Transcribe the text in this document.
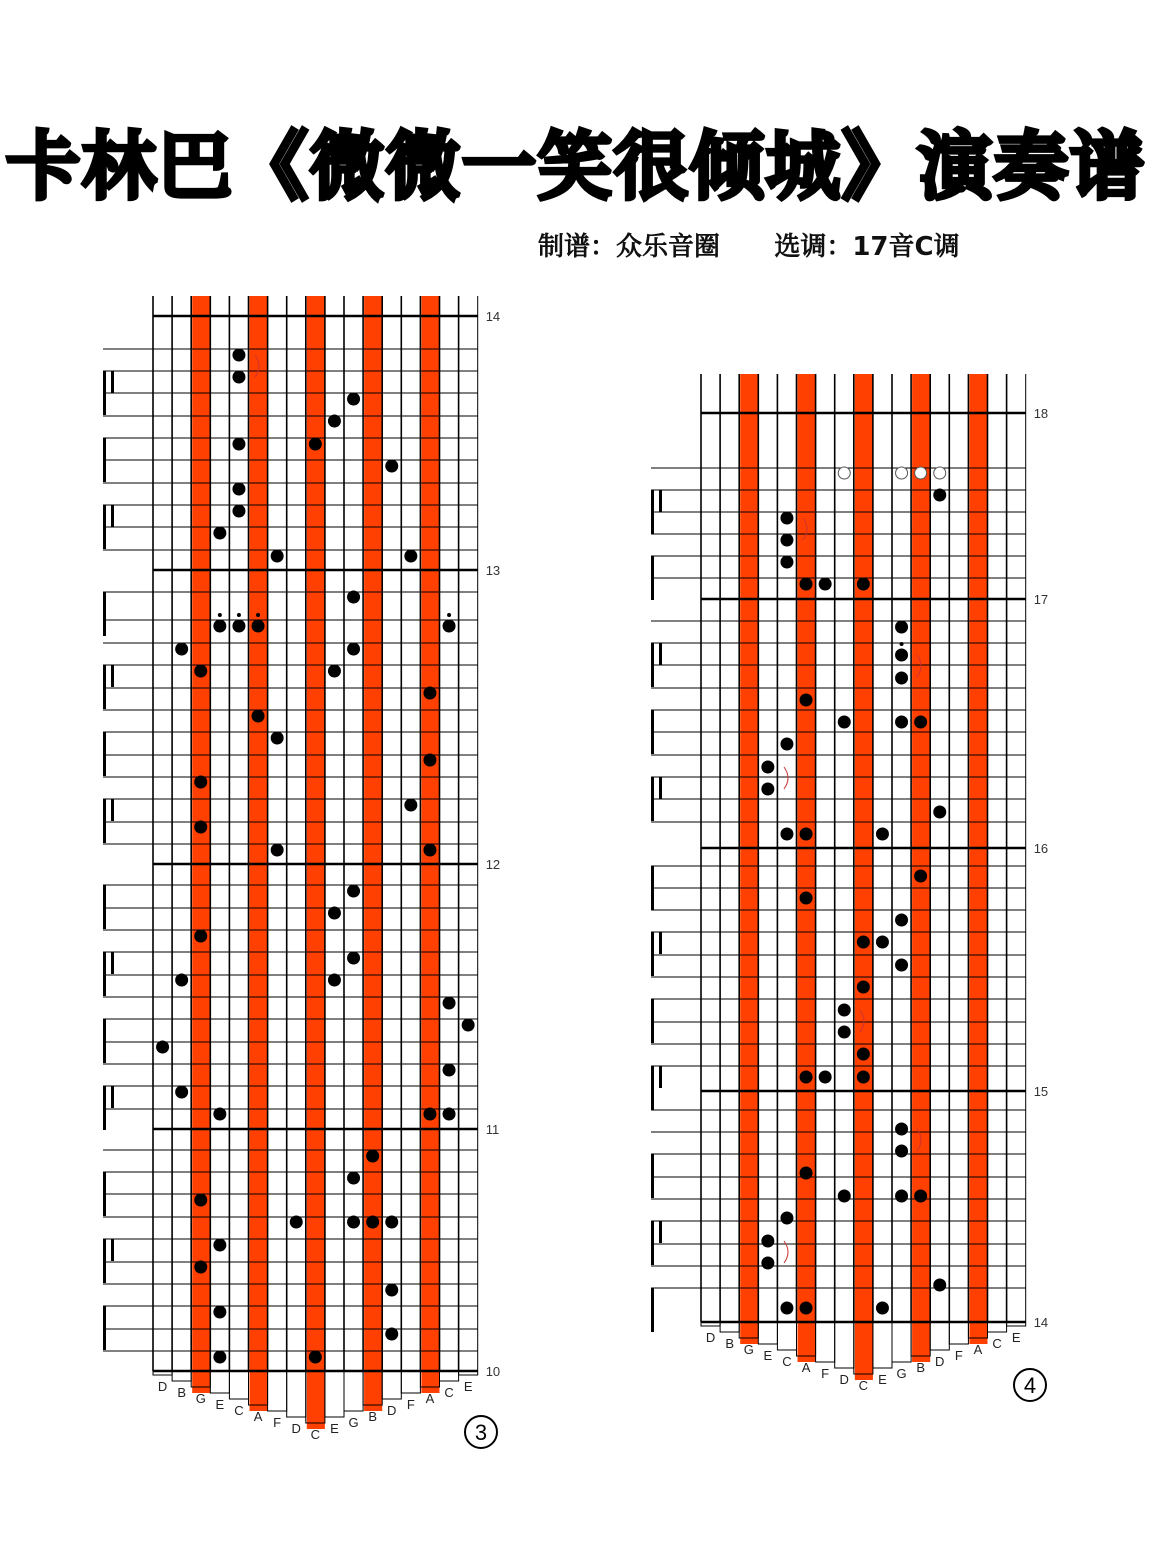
卡林巴《微微一笑很倾城》演奏谱
制谱：众乐音圈 选调：17音C调
D B G E C A F D C E G B D F A C E
14
13
12
11
10
3
D B G E C A F D C E G B D F A C E
18
17
16
15
14
4
